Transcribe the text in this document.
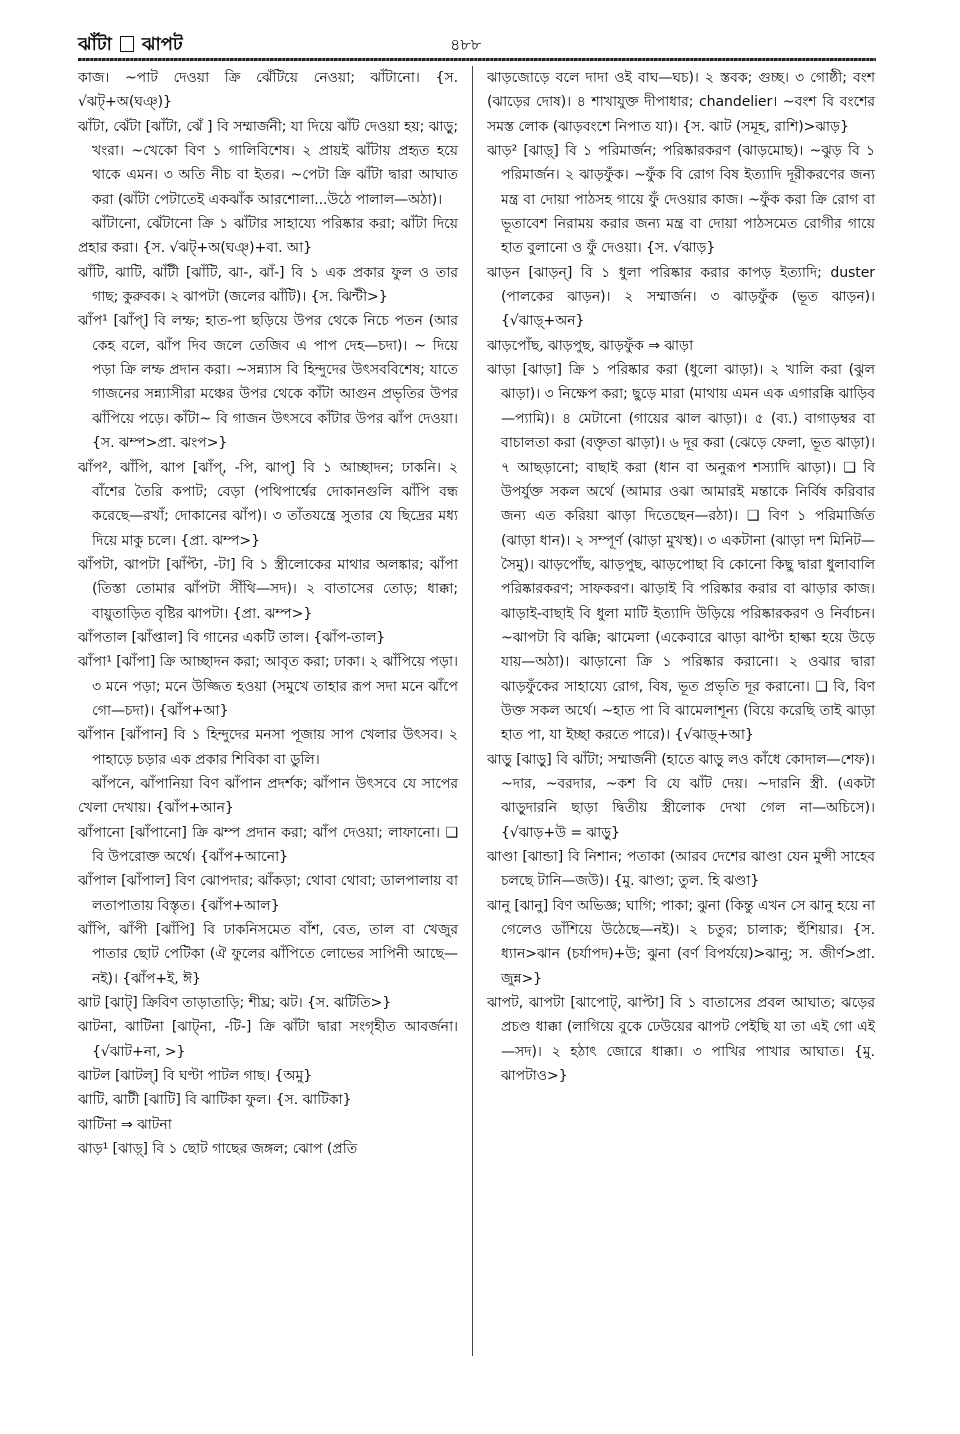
ঝাঁটা ঝাপট	৪৮৮

কাজ। ~পাট দেওয়া ক্রি ঝেঁটিয়ে নেওয়া; ঝাঁটানো। {স. √ঝট্+অ(ঘঞ্)}

ঝাঁটা, ঝেঁটা [ঝাঁটা, ঝেঁ ] বি সম্মার্জনী; যা দিয়ে ঝাঁট দেওয়া হয়; ঝাড়ু; খংরা। ~খেকো বিণ ১ গালিবিশেষ। ২ প্রায়ই ঝাঁটায় প্রহৃত হয়ে থাকে এমন। ৩ অতি নীচ বা ইতর। ~পেটা ক্রি ঝাঁটা দ্বারা আঘাত করা (ঝাঁটা পেটাতেই একঝাঁক আরশোলা...উঠে পালাল—অঠা)।

ঝাঁটানো, ঝেঁটানো ক্রি ১ ঝাঁটার সাহায্যে পরিষ্কার করা; ঝাঁটা দিয়ে প্রহার করা। {স. √ঝট্+অ(ঘঞ্)+বা. আ}

ঝাঁটি, ঝাটি, ঝাঁটী [ঝাঁটি, ঝা-, ঝাঁ-] বি ১ এক প্রকার ফুল ও তার গাছ; কুরুবক। ২ ঝাপটা (জলের ঝাঁটি)। {স. ঝিন্টী>}

ঝাঁপ¹ [ঝাঁপ্] বি লম্ফ; হাত-পা ছড়িয়ে উপর থেকে নিচে পতন (আর কেহ বলে, ঝাঁপ দিব জলে তেজিব এ পাপ দেহ—চদা)। ~ দিয়ে পড়া ক্রি লম্ফ প্রদান করা। ~সন্ন্যাস বি হিন্দুদের উৎসববিশেষ; যাতে গাজনের সন্ন্যাসীরা মঞ্চের উপর থেকে কাঁটা আগুন প্রভৃতির উপর ঝাঁপিয়ে পড়ে। কাঁটা~ বি গাজন উৎসবে কাঁটার উপর ঝাঁপ দেওয়া। {স. ঝম্প>প্রা. ঝংপ>}

ঝাঁপ², ঝাঁপি, ঝাপ [ঝাঁপ্, -পি, ঝাপ্] বি ১ আচ্ছাদন; ঢাকনি। ২ বাঁশের তৈরি কপাট; বেড়া (পথিপার্শ্বের দোকানগুলি ঝাঁপি বন্ধ করেছে—রখাঁ; দোকানের ঝাঁপ)। ৩ তাঁতযন্ত্রে সুতার যে ছিদ্রের মধ্য দিয়ে মাকু চলে। {প্রা. ঝম্প>}

ঝাঁপটা, ঝাপটা [ঝাঁপ্টা, -টা] বি ১ স্ত্রীলোকের মাথার অলঙ্কার; ঝাঁপা (তিস্তা তোমার ঝাঁপটা সীঁথি—সদ)। ২ বাতাসের তোড়; ধাক্কা; বায়ুতাড়িত বৃষ্টির ঝাপটা। {প্রা. ঝম্প>}

ঝাঁপতাল [ঝাঁপ্তাল] বি গানের একটি তাল। {ঝাঁপ-তাল}

ঝাঁপা¹ [ঝাঁপা] ক্রি আচ্ছাদন করা; আবৃত করা; ঢাকা। ২ ঝাঁপিয়ে পড়া। ৩ মনে পড়া; মনে উজ্জিত হওয়া (সমুখে তাহার রূপ সদা মনে ঝাঁপে গো—চদা)। {ঝাঁপ+আ}

ঝাঁপান [ঝাঁপান] বি ১ হিন্দুদের মনসা পূজায় সাপ খেলার উৎসব। ২ পাহাড়ে চড়ার এক প্রকার শিবিকা বা ডুলি।

ঝাঁপনে, ঝাঁপানিয়া বিণ ঝাঁপান প্রদর্শক; ঝাঁপান উৎসবে যে সাপের খেলা দেখায়। {ঝাঁপ+আন}

ঝাঁপানো [ঝাঁপানো] ক্রি ঝম্প প্রদান করা; ঝাঁপ দেওয়া; লাফানো। ❑ বি উপরোক্ত অর্থে। {ঝাঁপ+আনো}

ঝাঁপাল [ঝাঁপাল] বিণ ঝোপদার; ঝাঁকড়া; থোবা থোবা; ডালপালায় বা লতাপাতায় বিস্তৃত। {ঝাঁপ+আল}

ঝাঁপি, ঝাঁপী [ঝাঁপি] বি ঢাকনিসমেত বাঁশ, বেত, তাল বা খেজুর পাতার ছোট পেটিকা (ঐ ফুলের ঝাঁপিতে লোভের সাপিনী আছে—নই)। {ঝাঁপ+ই, ঈ}

ঝাট [ঝাট্] ক্রিবিণ তাড়াতাড়ি; শীঘ্র; ঝট। {স. ঝটিতি>}

ঝাটনা, ঝাটিনা [ঝাট্না, -টি-] ক্রি ঝাঁটা দ্বারা সংগৃহীত আবর্জনা। {√ঝাট+না, >}

ঝাটল [ঝাটল্] বি ঘণ্টা পাটল গাছ। {অমু}

ঝাটি, ঝাটী [ঝাটি] বি ঝাটিকা ফুল। {স. ঝাটিকা}

ঝাটিনা ⇒ ঝাটনা

ঝাড়¹ [ঝাড়্] বি ১ ছোট গাছের জঙ্গল; ঝোপ (প্রতি

ঝাড়জোড়ে বলে দাদা ওই বাঘ—ঘচ)। ২ স্তবক; গুচ্ছ। ৩ গোষ্ঠী; বংশ (ঝাড়ের দোষ)। ৪ শাখাযুক্ত দীপাধার; chandelier। ~বংশ বি বংশের সমস্ত লোক (ঝাড়বংশে নিপাত যা)। {স. ঝাট (সমূহ, রাশি)>ঝাড়}

ঝাড়² [ঝাড়্] বি ১ পরিমার্জন; পরিষ্কারকরণ (ঝাড়মোছ)। ~ঝুড় বি ১ পরিমার্জন। ২ ঝাড়ফুঁক। ~ফুঁক বি রোগ বিষ ইত্যাদি দূরীকরণের জন্য মন্ত্র বা দোয়া পাঠসহ গায়ে ফুঁ দেওয়ার কাজ। ~ফুঁক করা ক্রি রোগ বা ভূতাবেশ নিরাময় করার জন্য মন্ত্র বা দোয়া পাঠসমেত রোগীর গায়ে হাত বুলানো ও ফুঁ দেওয়া। {স. √ঝাড়}

ঝাড়ন [ঝাড়ন্] বি ১ ধুলা পরিষ্কার করার কাপড় ইত্যাদি; duster (পালকের ঝাড়ন)। ২ সম্মার্জন। ৩ ঝাড়ফুঁক (ভূত ঝাড়ন)। {√ঝাড়্+অন}

ঝাড়পোঁছ, ঝাড়পুছ, ঝাড়ফুঁক ⇒ ঝাড়া

ঝাড়া [ঝাড়া] ক্রি ১ পরিষ্কার করা (ধুলো ঝাড়া)। ২ খালি করা (ঝুল ঝাড়া)। ৩ নিক্ষেপ করা; ছুড়ে মারা (মাথায় এমন এক এগারক্কি ঝাড়িব—প্যামি)। ৪ মেটানো (গায়ের ঝাল ঝাড়া)। ৫ (ব্য.) বাগাড়ম্বর বা বাচালতা করা (বক্তৃতা ঝাড়া)। ৬ দূর করা (ঝেড়ে ফেলা, ভূত ঝাড়া)। ৭ আছড়ানো; বাছাই করা (ধান বা অনুরূপ শস্যাদি ঝাড়া)। ❑ বি উপর্যুক্ত সকল অর্থে (আমার ওঝা আমারই মন্তাকে নির্বিষ করিবার জন্য এত করিয়া ঝাড়া দিতেছেন—রঠা)। ❑ বিণ ১ পরিমার্জিত (ঝাড়া ধান)। ২ সম্পূর্ণ (ঝাড়া মুখস্থ)। ৩ একটানা (ঝাড়া দশ মিনিট—সৈমু)। ঝাড়পোঁছ, ঝাড়পুছ, ঝাড়পোছা বি কোনো কিছু দ্বারা ধুলাবালি পরিষ্কারকরণ; সাফকরণ। ঝাড়াই বি পরিষ্কার করার বা ঝাড়ার কাজ। ঝাড়াই-বাছাই বি ধুলা মাটি ইত্যাদি উড়িয়ে পরিষ্কারকরণ ও নির্বাচন। ~ঝাপটা বি ঝক্কি; ঝামেলা (একেবারে ঝাড়া ঝাপ্টা হাল্কা হয়ে উড়ে যায়—অঠা)। ঝাড়ানো ক্রি ১ পরিষ্কার করানো। ২ ওঝার দ্বারা ঝাড়ফুঁকের সাহায্যে রোগ, বিষ, ভূত প্রভৃতি দূর করানো। ❑ বি, বিণ উক্ত সকল অর্থে। ~হাত পা বি ঝামেলাশূন্য (বিয়ে করেছি তাই ঝাড়া হাত পা, যা ইচ্ছা করতে পারে)। {√ঝাড়্+আ}

ঝাড়ু [ঝাড়ু] বি ঝাঁটা; সম্মার্জনী (হাতে ঝাড়ু লও কাঁধে কোদাল—শেফ)। ~দার, ~বরদার, ~কশ বি যে ঝাঁট দেয়। ~দারনি স্ত্রী. (একটা ঝাড়ুদারনি ছাড়া দ্বিতীয় স্ত্রীলোক দেখা গেল না—অচিসে)। {√ঝাড়+উ = ঝাড়ু}

ঝাণ্ডা [ঝান্ডা] বি নিশান; পতাকা (আরব দেশের ঝাণ্ডা যেন মুন্সী সাহেব চলছে টানি—জউ)। {মু. ঝাণ্ডা; তুল. হি ঝণ্ডা}

ঝানু [ঝানু] বিণ অভিজ্ঞ; ঘাগি; পাকা; ঝুনা (কিন্তু এখন সে ঝানু হয়ে না গেলেও ডাঁশিয়ে উঠেছে—নই)। ২ চতুর; চালাক; হুঁশিয়ার। {স. ধ্যান>ঝান (চর্যাপদ)+উ; ঝুনা (বর্ণ বিপর্যয়ে)>ঝানু; স. জীর্ণ>প্রা. জুন্ন>}

ঝাপট, ঝাপটা [ঝাপোট্, ঝাপ্টা] বি ১ বাতাসের প্রবল আঘাত; ঝড়ের প্রচণ্ড ধাক্কা (লাগিয়ে বুকে ঢেউয়ের ঝাপট পেইছি যা তা এই গো এই—সদ)। ২ হঠাৎ জোরে ধাক্কা। ৩ পাখির পাখার আঘাত। {মু. ঝাপটাও>}
